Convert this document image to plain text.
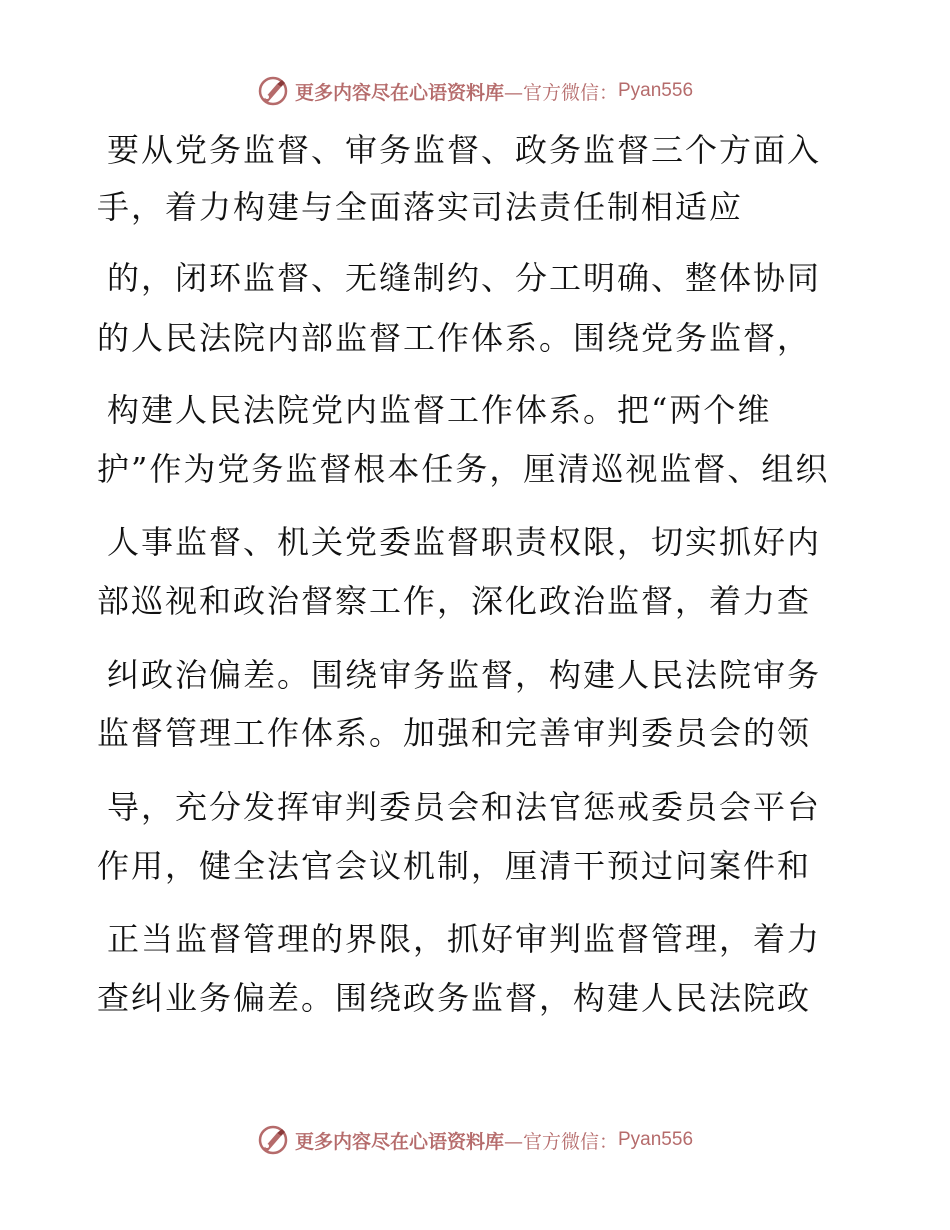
更多内容尽在心语资料库 —官方微信： Pyan556
要从党务监督、审务监督、政务监督三个方面入
手，着力构建与全面落实司法责任制相适应
的，闭环监督、无缝制约、分工明确、整体协同
的人民法院内部监督工作体系。围绕党务监督，
构建人民法院党内监督工作体系。把“两个维
护”作为党务监督根本任务，厘清巡视监督、组织
人事监督、机关党委监督职责权限，切实抓好内
部巡视和政治督察工作，深化政治监督，着力查
纠政治偏差。围绕审务监督，构建人民法院审务
监督管理工作体系。加强和完善审判委员会的领
导，充分发挥审判委员会和法官惩戒委员会平台
作用，健全法官会议机制，厘清干预过问案件和
正当监督管理的界限，抓好审判监督管理，着力
查纠业务偏差。围绕政务监督，构建人民法院政
更多内容尽在心语资料库 —官方微信： Pyan556
